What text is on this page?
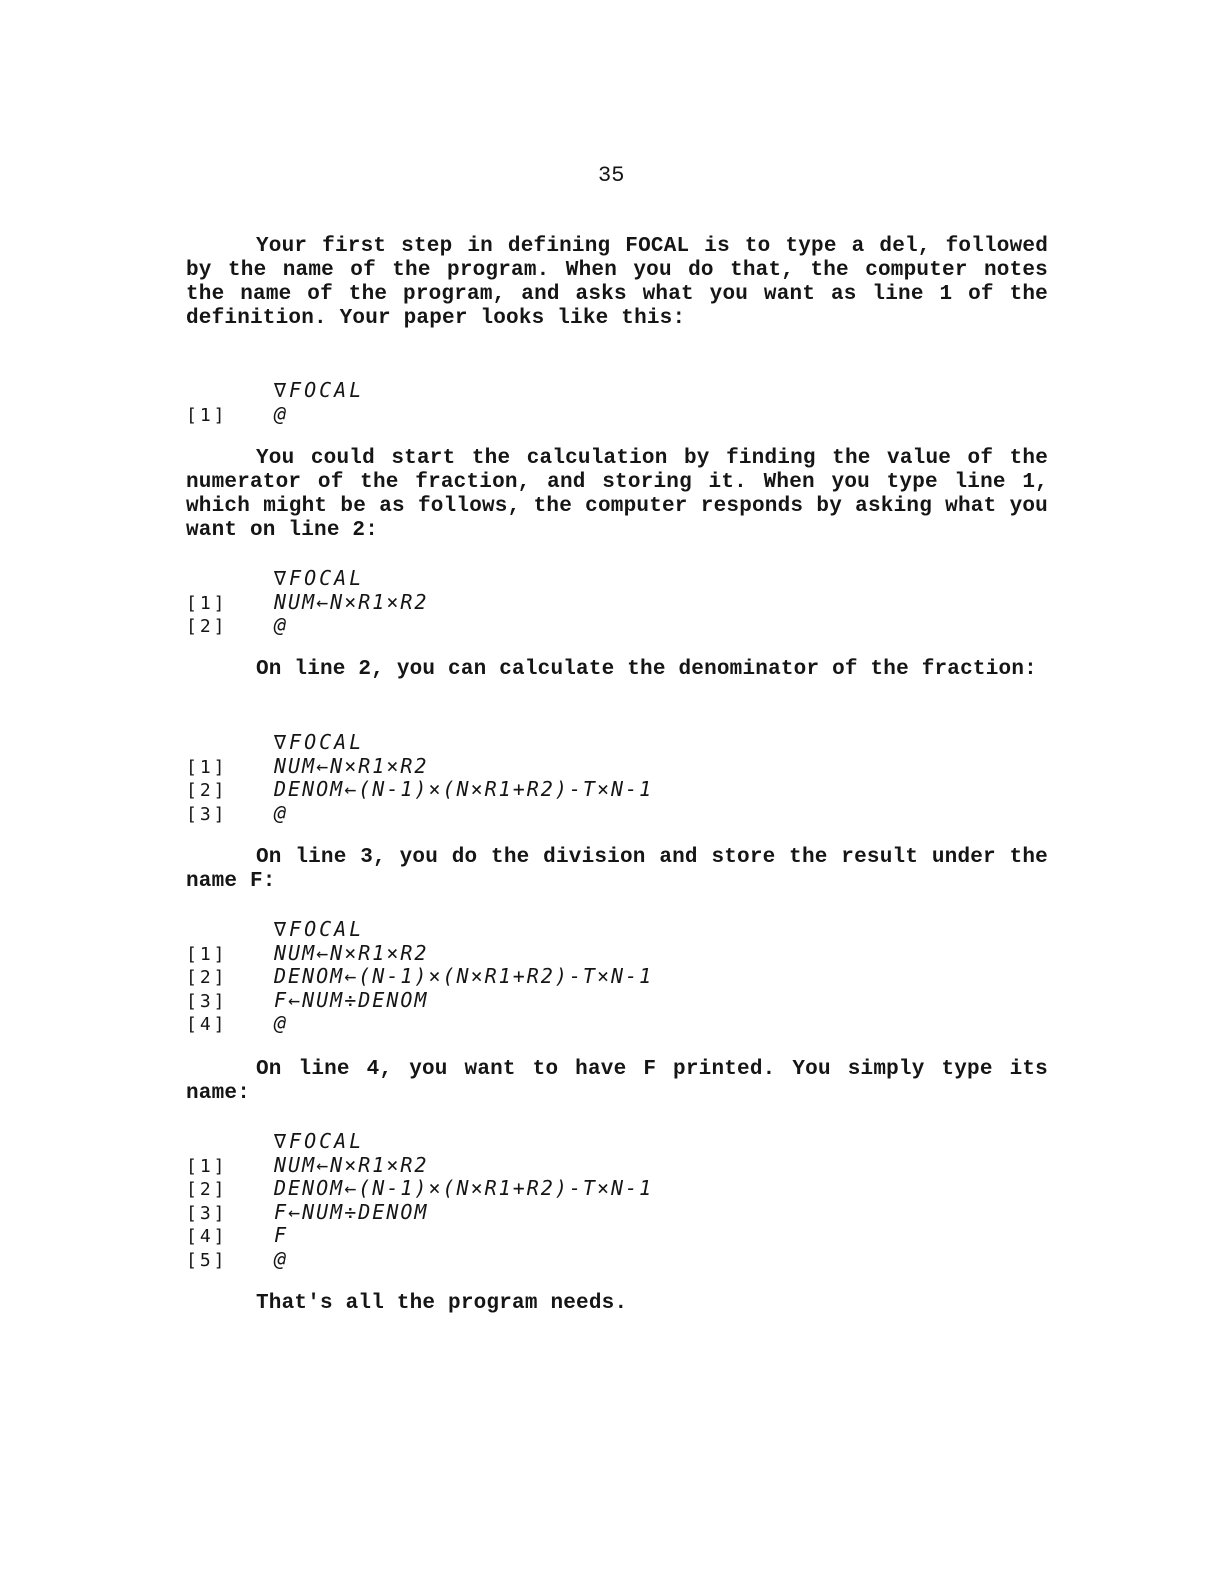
35

Your first step in defining FOCAL is to type a del, followed by the name of the program. When you do that, the computer notes the name of the program, and asks what you want as line 1 of the definition. Your paper looks like this:

∇FOCAL
[1]	@

You could start the calculation by finding the value of the numerator of the fraction, and storing it. When you type line 1, which might be as follows, the computer responds by asking what you want on line 2:

∇FOCAL
[1]	NUM←N×R1×R2
[2]	@

On line 2, you can calculate the denominator of the fraction:

∇FOCAL
[1]	NUM←N×R1×R2
[2]	DENOM←(N-1)×(N×R1+R2)-T×N-1
[3]	@

On line 3, you do the division and store the result under the name F:

∇FOCAL
[1]	NUM←N×R1×R2
[2]	DENOM←(N-1)×(N×R1+R2)-T×N-1
[3]	F←NUM÷DENOM
[4]	@

On line 4, you want to have F printed. You simply type its name:

∇FOCAL
[1]	NUM←N×R1×R2
[2]	DENOM←(N-1)×(N×R1+R2)-T×N-1
[3]	F←NUM÷DENOM
[4]	F
[5]	@

That's all the program needs.
